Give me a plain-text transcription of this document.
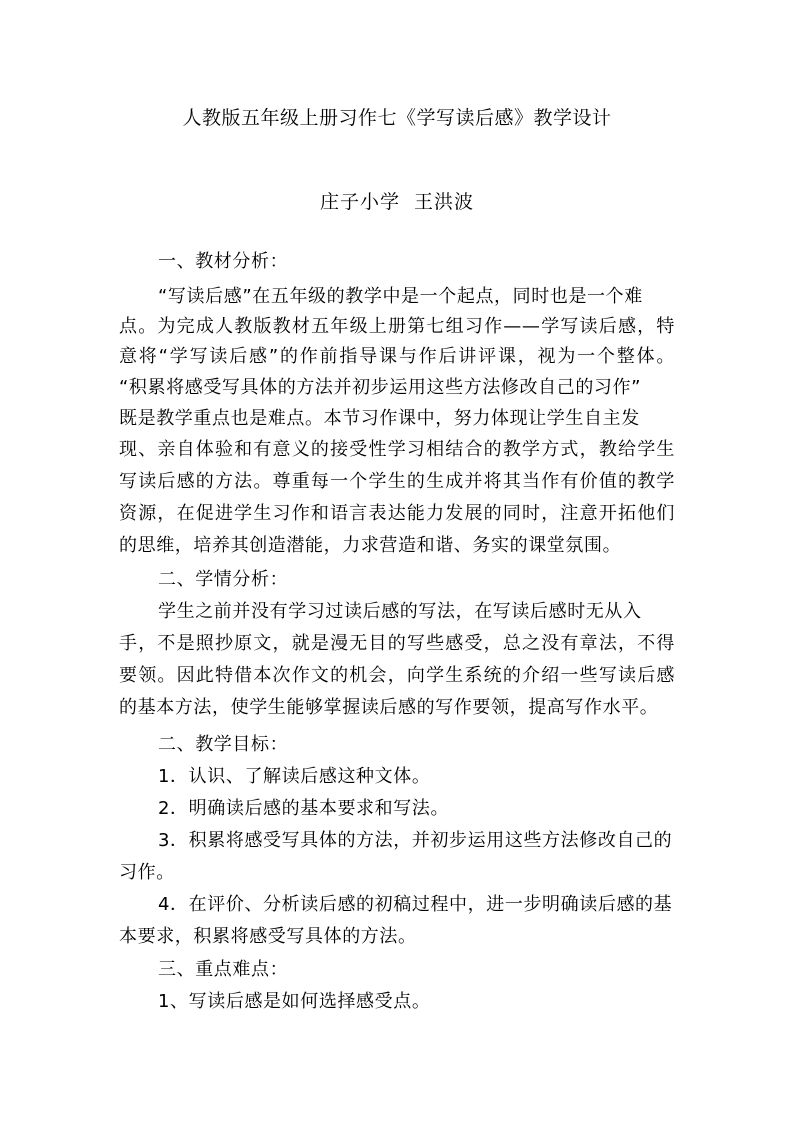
人教版五年级上册习作七《学写读后感》教学设计
庄子小学  王洪波
一、教材分析：
“写读后感”在五年级的教学中是一个起点，同时也是一个难
点。为完成人教版教材五年级上册第七组习作——学写读后感，特
意将“学写读后感”的作前指导课与作后讲评课，视为一个整体。
“积累将感受写具体的方法并初步运用这些方法修改自己的习作”
既是教学重点也是难点。本节习作课中，努力体现让学生自主发
现、亲自体验和有意义的接受性学习相结合的教学方式，教给学生
写读后感的方法。尊重每一个学生的生成并将其当作有价值的教学
资源，在促进学生习作和语言表达能力发展的同时，注意开拓他们
的思维，培养其创造潜能，力求营造和谐、务实的课堂氛围。
二、学情分析：
学生之前并没有学习过读后感的写法，在写读后感时无从入
手，不是照抄原文，就是漫无目的写些感受，总之没有章法，不得
要领。因此特借本次作文的机会，向学生系统的介绍一些写读后感
的基本方法，使学生能够掌握读后感的写作要领，提高写作水平。
二、教学目标：
1．认识、了解读后感这种文体。
2．明确读后感的基本要求和写法。
3．积累将感受写具体的方法，并初步运用这些方法修改自己的
习作。
4．在评价、分析读后感的初稿过程中，进一步明确读后感的基
本要求，积累将感受写具体的方法。
三、重点难点：
1、写读后感是如何选择感受点。
